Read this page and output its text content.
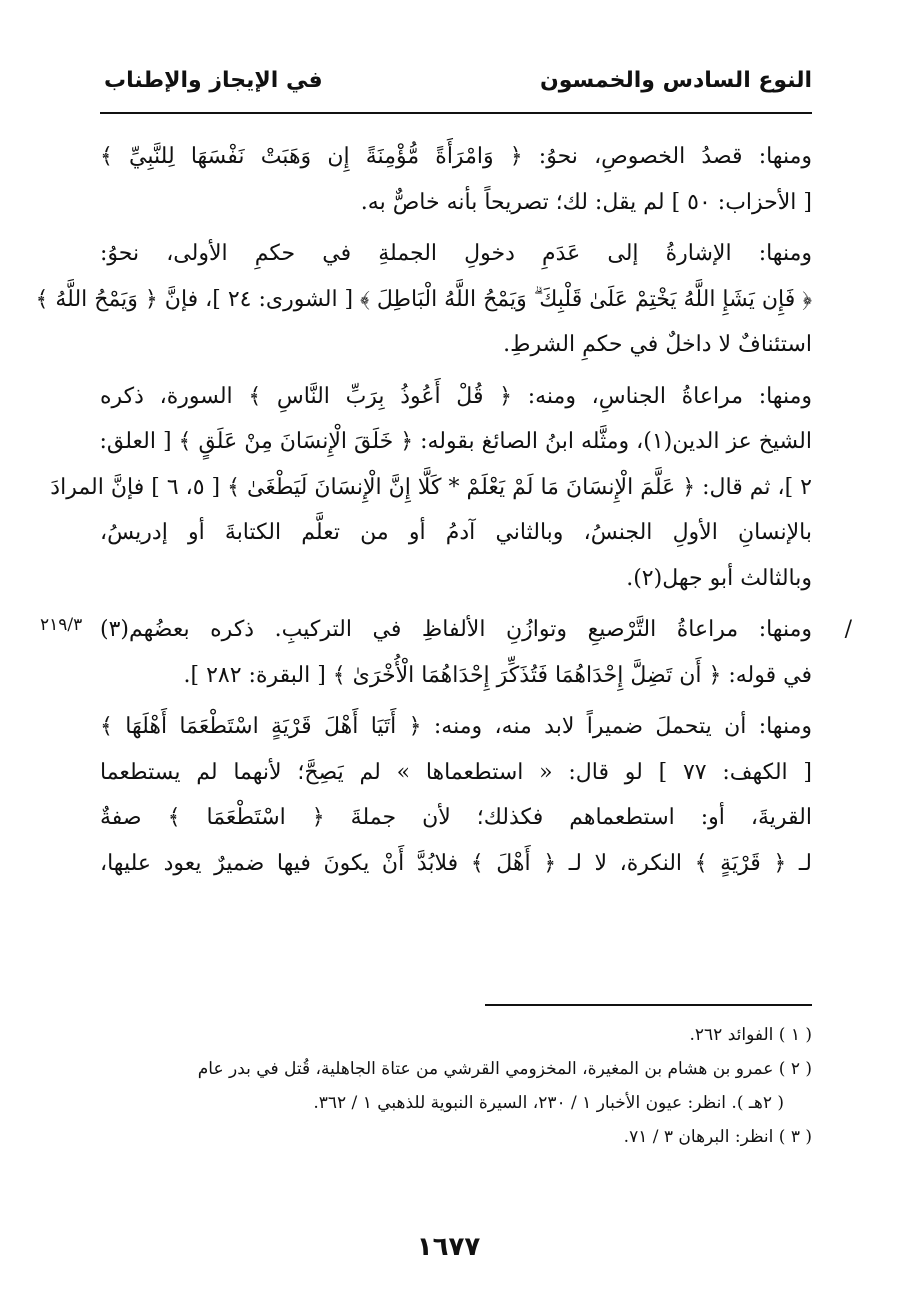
النوع السادس والخمسون
في الإيجاز والإطناب
ومنها: قصدُ الخصوصِ، نحوُ: ﴿ وَامْرَأَةً مُّؤْمِنَةً إِن وَهَبَتْ نَفْسَهَا لِلنَّبِيِّ ﴾
[ الأحزاب: ٥٠ ] لم يقل: لك؛ تصريحاً بأنه خاصٌّ به.
ومنها: الإشارةُ إلى عَدَمِ دخولِ الجملةِ في حكمِ الأولى، نحوُ:
﴿ فَإِن يَشَإِ اللَّهُ يَخْتِمْ عَلَىٰ قَلْبِكَ ۗ وَيَمْحُ اللَّهُ الْبَاطِلَ ﴾ [ الشورى: ٢٤ ]، فإنَّ ﴿ وَيَمْحُ اللَّهُ ﴾
استئنافٌ لا داخلٌ في حكمِ الشرطِ.
ومنها: مراعاةُ الجناسِ، ومنه: ﴿ قُلْ أَعُوذُ بِرَبِّ النَّاسِ ﴾ السورة، ذكره
الشيخ عز الدين(١)، ومثَّله ابنُ الصائغ بقوله: ﴿ خَلَقَ الْإِنسَانَ مِنْ عَلَقٍ ﴾ [ العلق:
٢ ]، ثم قال: ﴿ عَلَّمَ الْإِنسَانَ مَا لَمْ يَعْلَمْ * كَلَّا إِنَّ الْإِنسَانَ لَيَطْغَىٰ ﴾ [ ٥، ٦ ] فإنَّ المرادَ
بالإنسانِ الأولِ الجنسُ، وبالثاني آدمُ أو من تعلَّم الكتابةَ أو إدريسُ،
وبالثالث أبو جهل(٢).
/
ومنها: مراعاةُ التَّرْصيعِ وتوازُنِ الألفاظِ في التركيبِ. ذكره بعضُهم(٣)
٢١٩/٣
في قوله: ﴿ أَن تَضِلَّ إِحْدَاهُمَا فَتُذَكِّرَ إِحْدَاهُمَا الْأُخْرَىٰ ﴾ [ البقرة: ٢٨٢ ].
ومنها: أن يتحملَ ضميراً لابد منه، ومنه: ﴿ أَتَيَا أَهْلَ قَرْيَةٍ اسْتَطْعَمَا أَهْلَهَا ﴾
[ الكهف: ٧٧ ] لو قال: « استطعماها » لم يَصِحَّ؛ لأنهما لم يستطعما
القريةَ، أو: استطعماهم فكذلك؛ لأن جملةَ ﴿ اسْتَطْعَمَا ﴾ صفةٌ
لـ ﴿ قَرْيَةٍ ﴾ النكرة، لا لـ ﴿ أَهْلَ ﴾ فلابُدَّ أَنْ يكونَ فيها ضميرٌ يعود عليها،
( ١ ) الفوائد ٢٦٢.
( ٢ ) عمرو بن هشام بن المغيرة، المخزومي القرشي من عتاة الجاهلية، قُتل في بدر عام
( ٢هـ ). انظر: عيون الأخبار ١ / ٢٣٠، السيرة النبوية للذهبي ١ / ٣٦٢.
( ٣ ) انظر: البرهان ٣ / ٧١.
١٦٧٧
